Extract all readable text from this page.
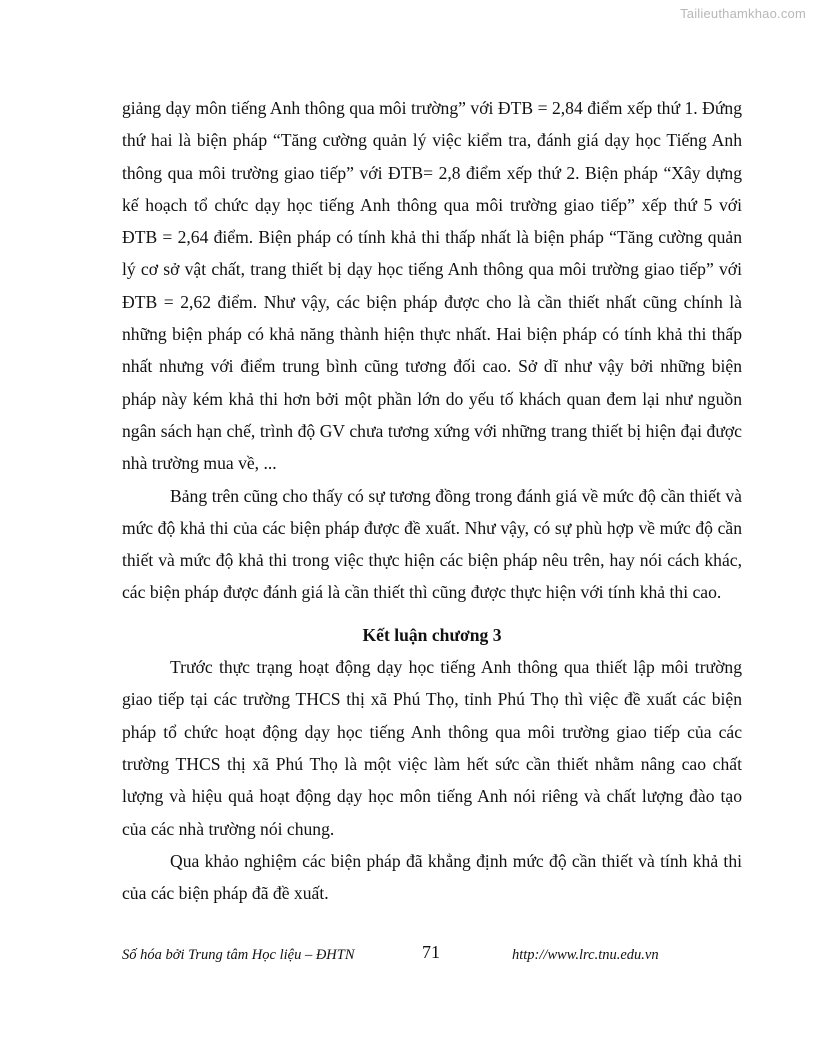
Tailieuthamkhao.com

giảng dạy môn tiếng Anh thông qua môi trường” với ĐTB = 2,84 điểm xếp thứ 1. Đứng thứ hai là biện pháp “Tăng cường quản lý việc kiểm tra, đánh giá dạy học Tiếng Anh thông qua môi trường giao tiếp” với ĐTB= 2,8 điểm xếp thứ 2. Biện pháp “Xây dựng kế hoạch tổ chức dạy học tiếng Anh thông qua môi trường giao tiếp” xếp thứ 5 với ĐTB = 2,64 điểm. Biện pháp có tính khả thi thấp nhất là biện pháp “Tăng cường quản lý cơ sở vật chất, trang thiết bị dạy học tiếng Anh thông qua môi trường giao tiếp” với ĐTB = 2,62 điểm. Như vậy, các biện pháp được cho là cần thiết nhất cũng chính là những biện pháp có khả năng thành hiện thực nhất. Hai biện pháp có tính khả thi thấp nhất nhưng với điểm trung bình cũng tương đối cao. Sở dĩ như vậy bởi những biện pháp này kém khả thi hơn bởi một phần lớn do yếu tố khách quan đem lại như nguồn ngân sách hạn chế, trình độ GV chưa tương xứng với những trang thiết bị hiện đại được nhà trường mua về, ...

Bảng trên cũng cho thấy có sự tương đồng trong đánh giá về mức độ cần thiết và mức độ khả thi của các biện pháp được đề xuất. Như vậy, có sự phù hợp về mức độ cần thiết và mức độ khả thi trong việc thực hiện các biện pháp nêu trên, hay nói cách khác, các biện pháp được đánh giá là cần thiết thì cũng được thực hiện với tính khả thi cao.

Kết luận chương 3

Trước thực trạng hoạt động dạy học tiếng Anh thông qua thiết lập môi trường giao tiếp tại các trường THCS thị xã Phú Thọ, tỉnh Phú Thọ thì việc đề xuất các biện pháp tổ chức hoạt động dạy học tiếng Anh thông qua môi trường giao tiếp của các trường THCS thị xã Phú Thọ là một việc làm hết sức cần thiết nhằm nâng cao chất lượng và hiệu quả hoạt động dạy học môn tiếng Anh nói riêng và chất lượng đào tạo của các nhà trường nói chung.

Qua khảo nghiệm các biện pháp đã khẳng định mức độ cần thiết và tính khả thi của các biện pháp đã đề xuất.

Số hóa bởi Trung tâm Học liệu – ĐHTN	71	http://www.lrc.tnu.edu.vn
